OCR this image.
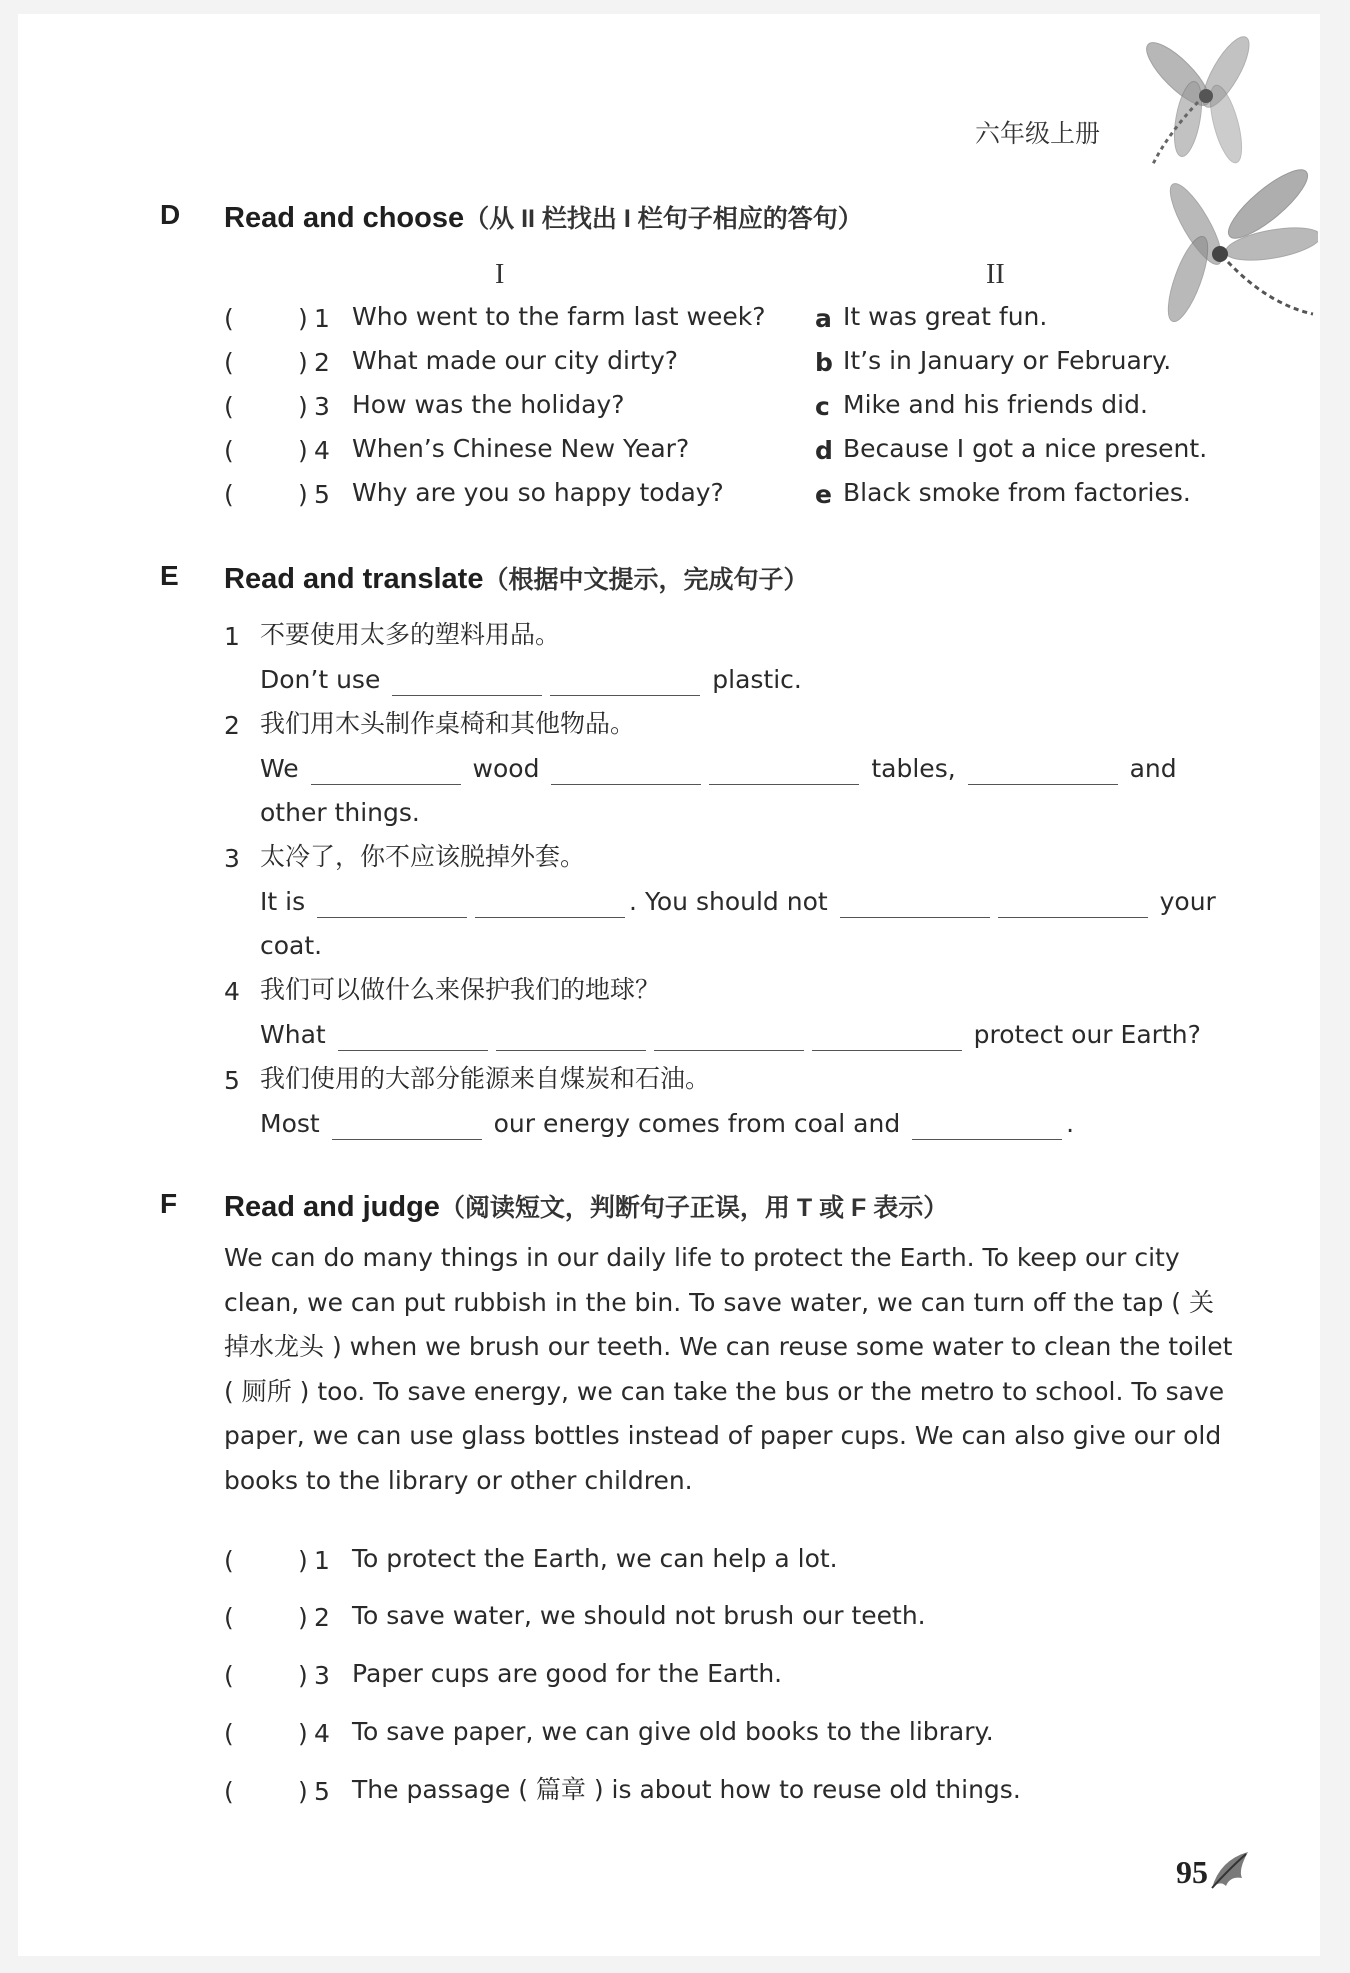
六年级上册
D Read and choose（从 II 栏找出 I 栏句子相应的答句）
I	II
(	) 1 Who went to the farm last week? a It was great fun.
(	) 2 What made our city dirty?	b It’s in January or February.
(	) 3 How was the holiday?	c Mike and his friends did.
(	) 4 When’s Chinese New Year?	d Because I got a nice present.
(	) 5 Why are you so happy today?	e Black smoke from factories.
E Read and translate（根据中文提示，完成句子）
1 不要使用太多的塑料用品。
Don’t use	plastic.
2 我们用木头制作桌椅和其他物品。
We	wood	tables,	and
other things.
3 太冷了，你不应该脱掉外套。
It is	. You should not	your
coat.
4 我们可以做什么来保护我们的地球？
What	protect our Earth?
5 我们使用的大部分能源来自煤炭和石油。
Most	our energy comes from coal and	.
F Read and judge（阅读短文，判断句子正误，用 T 或 F 表示）
We can do many things in our daily life to protect the Earth. To keep our city clean, we can put rubbish in the bin. To save water, we can turn off the tap ( 关掉水龙头 ) when we brush our teeth. We can reuse some water to clean the toilet ( 厕所 ) too. To save energy, we can take the bus or the metro to school. To save paper, we can use glass bottles instead of paper cups. We can also give our old books to the library or other children.
(	) 1 To protect the Earth, we can help a lot.
(	) 2 To save water, we should not brush our teeth.
(	) 3 Paper cups are good for the Earth.
(	) 4 To save paper, we can give old books to the library.
(	) 5 The passage ( 篇章 ) is about how to reuse old things.
95
